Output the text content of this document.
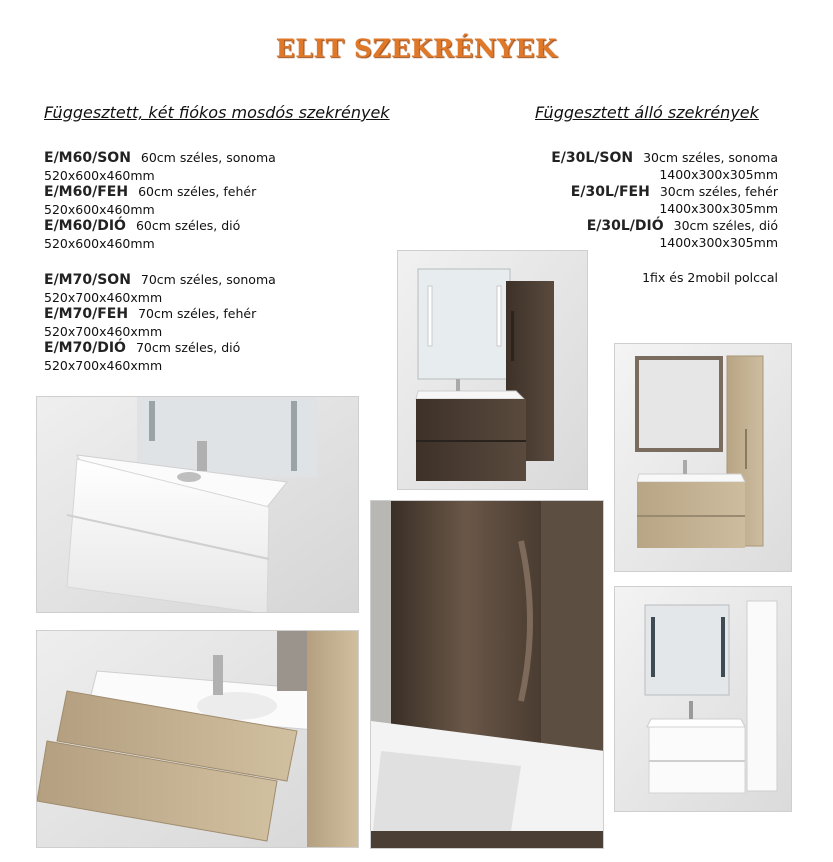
ELIT SZEKRÉNYEK
Függesztett, két fiókos mosdós szekrények
E/M60/SON 60cm széles, sonoma
520x600x460mm
E/M60/FEH 60cm széles, fehér
520x600x460mm
E/M60/DIÓ 60cm széles, dió
520x600x460mm
E/M70/SON 70cm széles, sonoma
520x700x460xmm
E/M70/FEH 70cm széles, fehér
520x700x460xmm
E/M70/DIÓ 70cm széles, dió
520x700x460xmm
Függesztett álló szekrények
E/30L/SON 30cm széles, sonoma
1400x300x305mm
E/30L/FEH 30cm széles, fehér
1400x300x305mm
E/30L/DIÓ 30cm széles, dió
1400x300x305mm
1fix és 2mobil polccal
